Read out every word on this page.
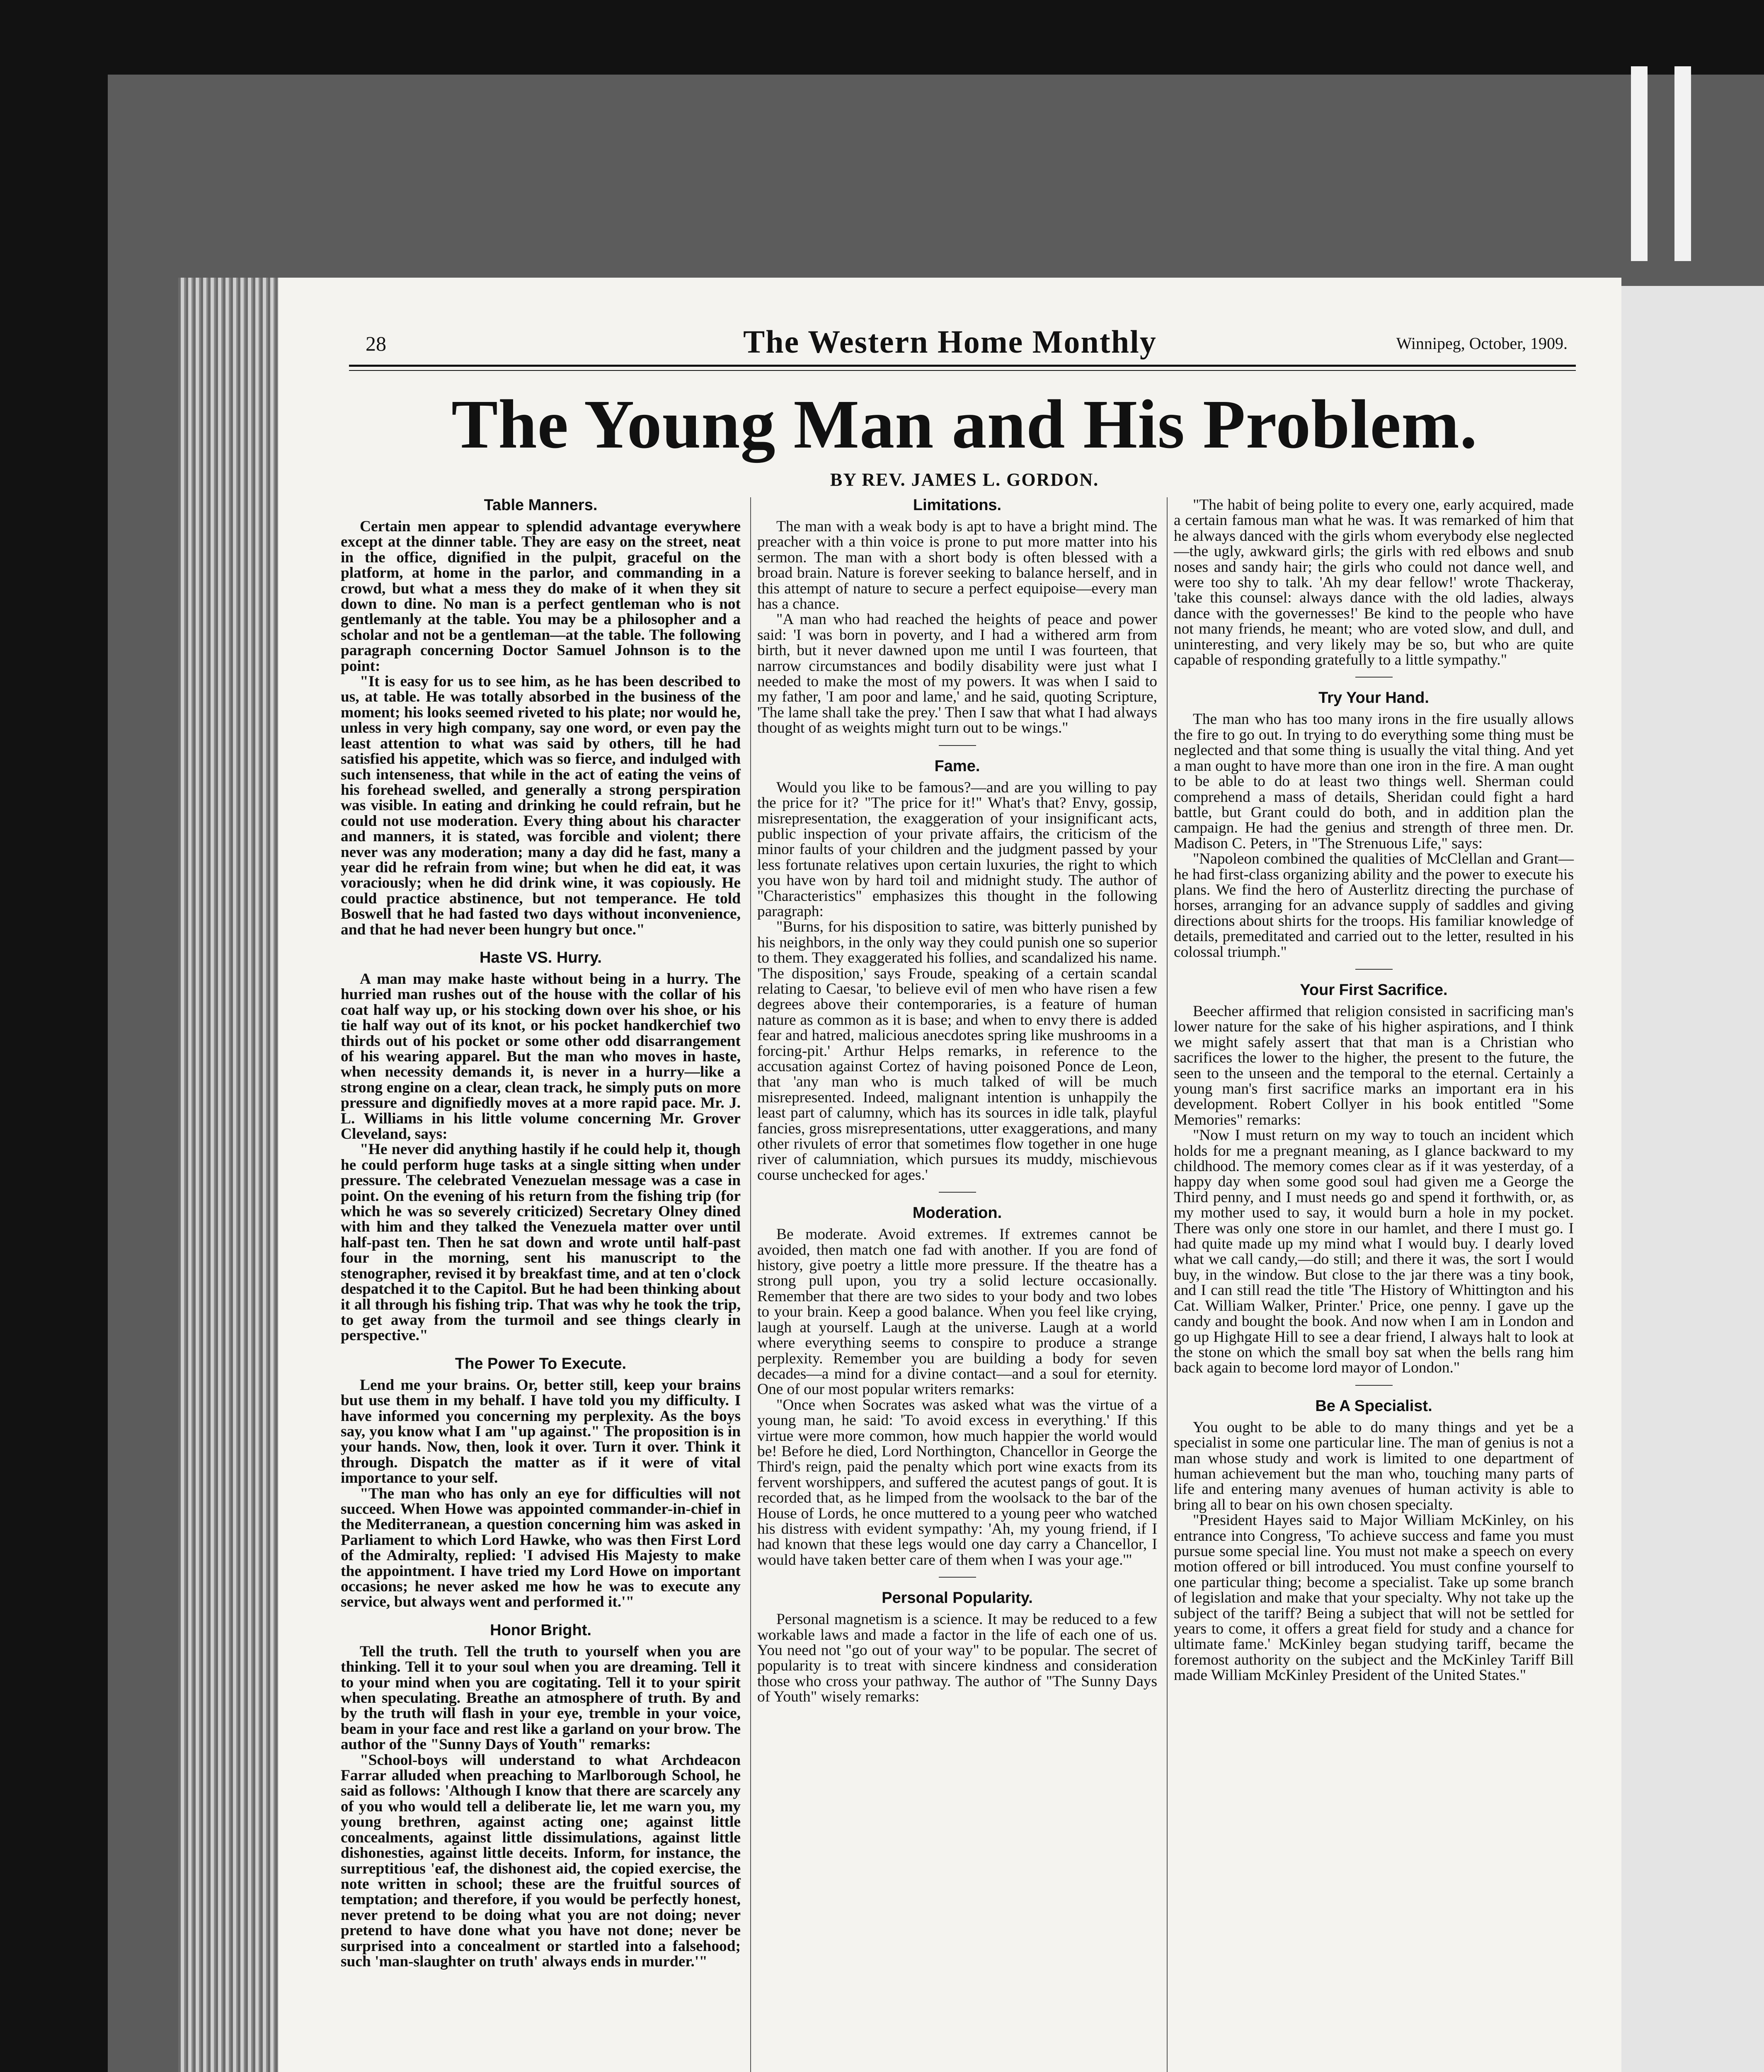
28	The Western Home Monthly	Winnipeg, October, 1909.
The Young Man and His Problem.
BY REV. JAMES L. GORDON.
Table Manners.

Certain men appear to splendid advantage everywhere except at the dinner table. They are easy on the street, neat in the office, dignified in the pulpit, graceful on the platform, at home in the parlor, and commanding in a crowd, but what a mess they do make of it when they sit down to dine. No man is a perfect gentleman who is not gentlemanly at the table. You may be a philosopher and a scholar and not be a gentleman—at the table. The following paragraph concerning Doctor Samuel Johnson is to the point:

"It is easy for us to see him, as he has been described to us, at table. He was totally absorbed in the business of the moment; his looks seemed riveted to his plate; nor would he, unless in very high company, say one word, or even pay the least attention to what was said by others, till he had satisfied his appetite, which was so fierce, and indulged with such intenseness, that while in the act of eating the veins of his forehead swelled, and generally a strong perspiration was visible. In eating and drinking he could refrain, but he could not use moderation. Every thing about his character and manners, it is stated, was forcible and violent; there never was any moderation; many a day did he fast, many a year did he refrain from wine; but when he did eat, it was voraciously; when he did drink wine, it was copiously. He could practice abstinence, but not temperance. He told Boswell that he had fasted two days without inconvenience, and that he had never been hungry but once."

Haste VS. Hurry.

A man may make haste without being in a hurry. The hurried man rushes out of the house with the collar of his coat half way up, or his stocking down over his shoe, or his tie half way out of its knot, or his pocket handkerchief two thirds out of his pocket or some other odd disarrangement of his wearing apparel. But the man who moves in haste, when necessity demands it, is never in a hurry—like a strong engine on a clear, clean track, he simply puts on more pressure and dignifiedly moves at a more rapid pace. Mr. J. L. Williams in his little volume concerning Mr. Grover Cleveland, says:

"He never did anything hastily if he could help it, though he could perform huge tasks at a single sitting when under pressure. The celebrated Venezuelan message was a case in point. On the evening of his return from the fishing trip (for which he was so severely criticized) Secretary Olney dined with him and they talked the Venezuela matter over until half-past ten. Then he sat down and wrote until half-past four in the morning, sent his manuscript to the stenographer, revised it by breakfast time, and at ten o'clock despatched it to the Capitol. But he had been thinking about it all through his fishing trip. That was why he took the trip, to get away from the turmoil and see things clearly in perspective."

The Power To Execute.

Lend me your brains. Or, better still, keep your brains but use them in my behalf. I have told you my difficulty. I have informed you concerning my perplexity. As the boys say, you know what I am "up against." The proposition is in your hands. Now, then, look it over. Turn it over. Think it through. Dispatch the matter as if it were of vital importance to your self.

"The man who has only an eye for difficulties will not succeed. When Howe was appointed commander-in-chief in the Mediterranean, a question concerning him was asked in Parliament to which Lord Hawke, who was then First Lord of the Admiralty, replied: 'I advised His Majesty to make the appointment. I have tried my Lord Howe on important occasions; he never asked me how he was to execute any service, but always went and performed it.'"

Honor Bright.

Tell the truth. Tell the truth to yourself when you are thinking. Tell it to your soul when you are dreaming. Tell it to your mind when you are cogitating. Tell it to your spirit when speculating. Breathe an atmosphere of truth. By and by the truth will flash in your eye, tremble in your voice, beam in your face and rest like a garland on your brow. The author of the "Sunny Days of Youth" remarks:

"School-boys will understand to what Archdeacon Farrar alluded when preaching to Marlborough School, he said as follows: 'Although I know that there are scarcely any of you who would tell a deliberate lie, let me warn you, my young brethren, against acting one; against little concealments, against little dissimulations, against little dishonesties, against little deceits. Inform, for instance, the surreptitious 'eaf, the dishonest aid, the copied exercise, the note written in school; these are the fruitful sources of temptation; and therefore, if you would be perfectly honest, never pretend to be doing what you are not doing; never pretend to have done what you have not done; never be surprised into a concealment or startled into a falsehood; such 'man-slaughter on truth' always ends in murder.'"

Limitations.

The man with a weak body is apt to have a bright mind. The preacher with a thin voice is prone to put more matter into his sermon. The man with a short body is often blessed with a broad brain. Nature is forever seeking to balance herself, and in this attempt of nature to secure a perfect equipoise—every man has a chance.

"A man who had reached the heights of peace and power said: 'I was born in poverty, and I had a withered arm from birth, but it never dawned upon me until I was fourteen, that narrow circumstances and bodily disability were just what I needed to make the most of my powers. It was when I said to my father, 'I am poor and lame,' and he said, quoting Scripture, 'The lame shall take the prey.' Then I saw that what I had always thought of as weights might turn out to be wings."

Fame.

Would you like to be famous?—and are you willing to pay the price for it? "The price for it!" What's that? Envy, gossip, misrepresentation, the exaggeration of your insignificant acts, public inspection of your private affairs, the criticism of the minor faults of your children and the judgment passed by your less fortunate relatives upon certain luxuries, the right to which you have won by hard toil and midnight study. The author of "Characteristics" emphasizes this thought in the following paragraph:

"Burns, for his disposition to satire, was bitterly punished by his neighbors, in the only way they could punish one so superior to them. They exaggerated his follies, and scandalized his name. 'The disposition,' says Froude, speaking of a certain scandal relating to Caesar, 'to believe evil of men who have risen a few degrees above their contemporaries, is a feature of human nature as common as it is base; and when to envy there is added fear and hatred, malicious anecdotes spring like mushrooms in a forcing-pit.' Arthur Helps remarks, in reference to the accusation against Cortez of having poisoned Ponce de Leon, that 'any man who is much talked of will be much misrepresented. Indeed, malignant intention is unhappily the least part of calumny, which has its sources in idle talk, playful fancies, gross misrepresentations, utter exaggerations, and many other rivulets of error that sometimes flow together in one huge river of calumniation, which pursues its muddy, mischievous course unchecked for ages.'

Moderation.

Be moderate. Avoid extremes. If extremes cannot be avoided, then match one fad with another. If you are fond of history, give poetry a little more pressure. If the theatre has a strong pull upon, you try a solid lecture occasionally. Remember that there are two sides to your body and two lobes to your brain. Keep a good balance. When you feel like crying, laugh at yourself. Laugh at the universe. Laugh at a world where everything seems to conspire to produce a strange perplexity. Remember you are building a body for seven decades—a mind for a divine contact—and a soul for eternity. One of our most popular writers remarks:

"Once when Socrates was asked what was the virtue of a young man, he said: 'To avoid excess in everything.' If this virtue were more common, how much happier the world would be! Before he died, Lord Northington, Chancellor in George the Third's reign, paid the penalty which port wine exacts from its fervent worshippers, and suffered the acutest pangs of gout. It is recorded that, as he limped from the woolsack to the bar of the House of Lords, he once muttered to a young peer who watched his distress with evident sympathy: 'Ah, my young friend, if I had known that these legs would one day carry a Chancellor, I would have taken better care of them when I was your age.'"

Personal Popularity.

Personal magnetism is a science. It may be reduced to a few workable laws and made a factor in the life of each one of us. You need not "go out of your way" to be popular. The secret of popularity is to treat with sincere kindness and consideration those who cross your pathway. The author of "The Sunny Days of Youth" wisely remarks:

"The habit of being polite to every one, early acquired, made a certain famous man what he was. It was remarked of him that he always danced with the girls whom everybody else neglected—the ugly, awkward girls; the girls with red elbows and snub noses and sandy hair; the girls who could not dance well, and were too shy to talk. 'Ah my dear fellow!' wrote Thackeray, 'take this counsel: always dance with the old ladies, always dance with the governesses!' Be kind to the people who have not many friends, he meant; who are voted slow, and dull, and uninteresting, and very likely may be so, but who are quite capable of responding gratefully to a little sympathy."

Try Your Hand.

The man who has too many irons in the fire usually allows the fire to go out. In trying to do everything some thing must be neglected and that some thing is usually the vital thing. And yet a man ought to have more than one iron in the fire. A man ought to be able to do at least two things well. Sherman could comprehend a mass of details, Sheridan could fight a hard battle, but Grant could do both, and in addition plan the campaign. He had the genius and strength of three men. Dr. Madison C. Peters, in "The Strenuous Life," says:

"Napoleon combined the qualities of McClellan and Grant—he had first-class organizing ability and the power to execute his plans. We find the hero of Austerlitz directing the purchase of horses, arranging for an advance supply of saddles and giving directions about shirts for the troops. His familiar knowledge of details, premeditated and carried out to the letter, resulted in his colossal triumph."

Your First Sacrifice.

Beecher affirmed that religion consisted in sacrificing man's lower nature for the sake of his higher aspirations, and I think we might safely assert that that man is a Christian who sacrifices the lower to the higher, the present to the future, the seen to the unseen and the temporal to the eternal. Certainly a young man's first sacrifice marks an important era in his development. Robert Collyer in his book entitled "Some Memories" remarks:

"Now I must return on my way to touch an incident which holds for me a pregnant meaning, as I glance backward to my childhood. The memory comes clear as if it was yesterday, of a happy day when some good soul had given me a George the Third penny, and I must needs go and spend it forthwith, or, as my mother used to say, it would burn a hole in my pocket. There was only one store in our hamlet, and there I must go. I had quite made up my mind what I would buy. I dearly loved what we call candy,—do still; and there it was, the sort I would buy, in the window. But close to the jar there was a tiny book, and I can still read the title 'The History of Whittington and his Cat. William Walker, Printer.' Price, one penny. I gave up the candy and bought the book. And now when I am in London and go up Highgate Hill to see a dear friend, I always halt to look at the stone on which the small boy sat when the bells rang him back again to become lord mayor of London."

Be A Specialist.

You ought to be able to do many things and yet be a specialist in some one particular line. The man of genius is not a man whose study and work is limited to one department of human achievement but the man who, touching many parts of life and entering many avenues of human activity is able to bring all to bear on his own chosen specialty.

"President Hayes said to Major William McKinley, on his entrance into Congress, 'To achieve success and fame you must pursue some special line. You must not make a speech on every motion offered or bill introduced. You must confine yourself to one particular thing; become a specialist. Take up some branch of legislation and make that your specialty. Why not take up the subject of the tariff? Being a subject that will not be settled for years to come, it offers a great field for study and a chance for ultimate fame.' McKinley began studying tariff, became the foremost authority on the subject and the McKinley Tariff Bill made William McKinley President of the United States."
